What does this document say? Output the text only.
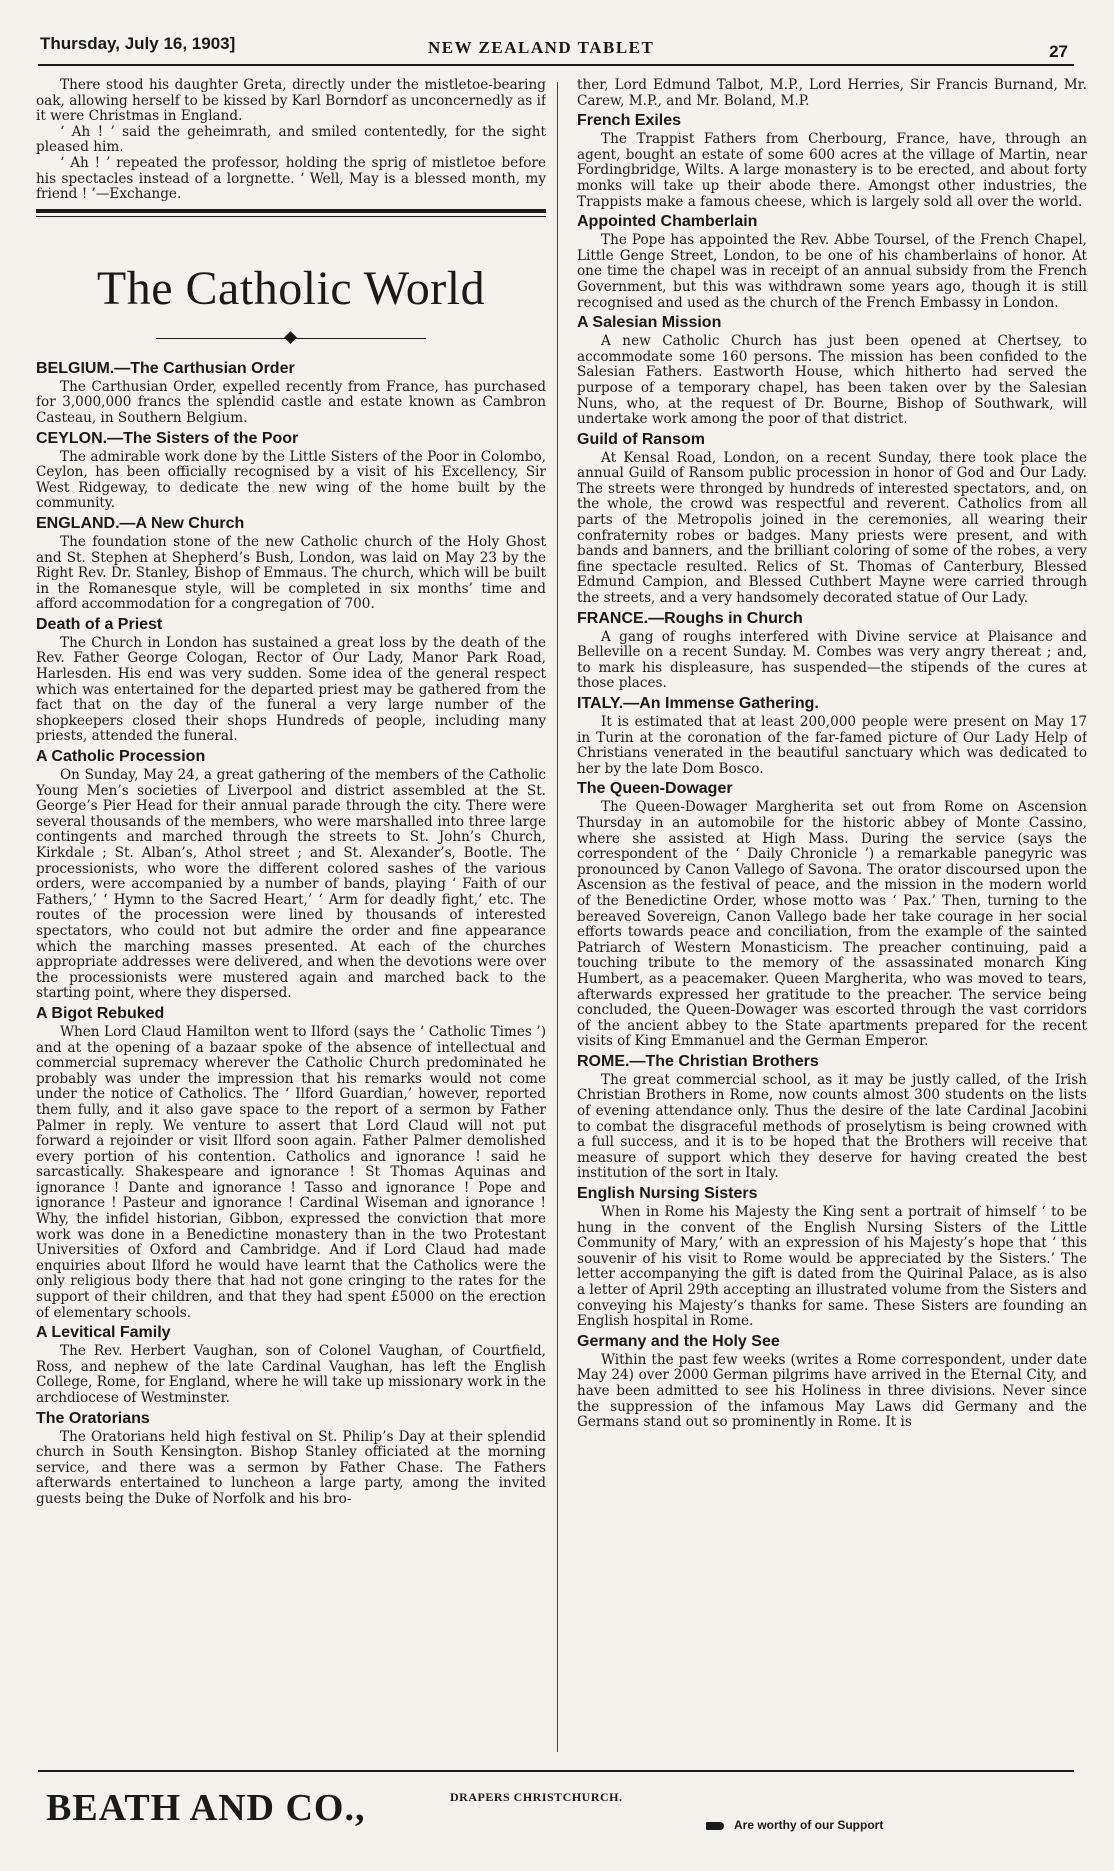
Thursday, July 16, 1903]	NEW ZEALAND TABLET	27

There stood his daughter Greta, directly under the mistletoe-bearing oak, allowing herself to be kissed by Karl Borndorf as unconcernedly as if it were Christmas in England.

‘ Ah ! ’ said the geheimrath, and smiled contentedly, for the sight pleased him.

‘ Ah ! ’ repeated the professor, holding the sprig of mistletoe before his spectacles instead of a lorgnette. ‘ Well, May is a blessed month, my friend ! ’—Exchange.

The Catholic World
BELGIUM.—The Carthusian Order

The Carthusian Order, expelled recently from France, has purchased for 3,000,000 francs the splendid castle and estate known as Cambron Casteau, in Southern Belgium.

CEYLON.—The Sisters of the Poor

The admirable work done by the Little Sisters of the Poor in Colombo, Ceylon, has been officially recognised by a visit of his Excellency, Sir West Ridgeway, to dedicate the new wing of the home built by the community.

ENGLAND.—A New Church

The foundation stone of the new Catholic church of the Holy Ghost and St. Stephen at Shepherd’s Bush, London, was laid on May 23 by the Right Rev. Dr. Stanley, Bishop of Emmaus. The church, which will be built in the Romanesque style, will be completed in six months’ time and afford accommodation for a congregation of 700.

Death of a Priest

The Church in London has sustained a great loss by the death of the Rev. Father George Cologan, Rector of Our Lady, Manor Park Road, Harlesden. His end was very sudden. Some idea of the general respect which was entertained for the departed priest may be gathered from the fact that on the day of the funeral a very large number of the shopkeepers closed their shops Hundreds of people, including many priests, attended the funeral.

A Catholic Procession

On Sunday, May 24, a great gathering of the members of the Catholic Young Men’s societies of Liverpool and district assembled at the St. George’s Pier Head for their annual parade through the city. There were several thousands of the members, who were marshalled into three large contingents and marched through the streets to St. John’s Church, Kirkdale ; St. Alban’s, Athol street ; and St. Alexander’s, Bootle. The processionists, who wore the different colored sashes of the various orders, were accompanied by a number of bands, playing ‘ Faith of our Fathers,’ ‘ Hymn to the Sacred Heart,’ ‘ Arm for deadly fight,’ etc. The routes of the procession were lined by thousands of interested spectators, who could not but admire the order and fine appearance which the marching masses presented. At each of the churches appropriate addresses were delivered, and when the devotions were over the processionists were mustered again and marched back to the starting point, where they dispersed.

A Bigot Rebuked

When Lord Claud Hamilton went to Ilford (says the ‘ Catholic Times ’) and at the opening of a bazaar spoke of the absence of intellectual and commercial supremacy wherever the Catholic Church predominated he probably was under the impression that his remarks would not come under the notice of Catholics. The ‘ Ilford Guardian,’ however, reported them fully, and it also gave space to the report of a sermon by Father Palmer in reply. We venture to assert that Lord Claud will not put forward a rejoinder or visit Ilford soon again. Father Palmer demolished every portion of his contention. Catholics and ignorance ! said he sarcastically. Shakespeare and ignorance ! St Thomas Aquinas and ignorance ! Dante and ignorance ! Tasso and ignorance ! Pope and ignorance ! Pasteur and ignorance ! Cardinal Wiseman and ignorance ! Why, the infidel historian, Gibbon, expressed the conviction that more work was done in a Benedictine monastery than in the two Protestant Universities of Oxford and Cambridge. And if Lord Claud had made enquiries about Ilford he would have learnt that the Catholics were the only religious body there that had not gone cringing to the rates for the support of their children, and that they had spent £5000 on the erection of elementary schools.

A Levitical Family

The Rev. Herbert Vaughan, son of Colonel Vaughan, of Courtfield, Ross, and nephew of the late Cardinal Vaughan, has left the English College, Rome, for England, where he will take up missionary work in the archdiocese of Westminster.

The Oratorians

The Oratorians held high festival on St. Philip’s Day at their splendid church in South Kensington. Bishop Stanley officiated at the morning service, and there was a sermon by Father Chase. The Fathers afterwards entertained to luncheon a large party, among the invited guests being the Duke of Norfolk and his bro-

ther, Lord Edmund Talbot, M.P., Lord Herries, Sir Francis Burnand, Mr. Carew, M.P., and Mr. Boland, M.P.

French Exiles

The Trappist Fathers from Cherbourg, France, have, through an agent, bought an estate of some 600 acres at the village of Martin, near Fordingbridge, Wilts. A large monastery is to be erected, and about forty monks will take up their abode there. Amongst other industries, the Trappists make a famous cheese, which is largely sold all over the world.

Appointed Chamberlain

The Pope has appointed the Rev. Abbe Toursel, of the French Chapel, Little Genge Street, London, to be one of his chamberlains of honor. At one time the chapel was in receipt of an annual subsidy from the French Government, but this was withdrawn some years ago, though it is still recognised and used as the church of the French Embassy in London.

A Salesian Mission

A new Catholic Church has just been opened at Chertsey, to accommodate some 160 persons. The mission has been confided to the Salesian Fathers. Eastworth House, which hitherto had served the purpose of a temporary chapel, has been taken over by the Salesian Nuns, who, at the request of Dr. Bourne, Bishop of Southwark, will undertake work among the poor of that district.

Guild of Ransom

At Kensal Road, London, on a recent Sunday, there took place the annual Guild of Ransom public procession in honor of God and Our Lady. The streets were thronged by hundreds of interested spectators, and, on the whole, the crowd was respectful and reverent. Catholics from all parts of the Metropolis joined in the ceremonies, all wearing their confraternity robes or badges. Many priests were present, and with bands and banners, and the brilliant coloring of some of the robes, a very fine spectacle resulted. Relics of St. Thomas of Canterbury, Blessed Edmund Campion, and Blessed Cuthbert Mayne were carried through the streets, and a very handsomely decorated statue of Our Lady.

FRANCE.—Roughs in Church

A gang of roughs interfered with Divine service at Plaisance and Belleville on a recent Sunday. M. Combes was very angry thereat ; and, to mark his displeasure, has suspended—the stipends of the cures at those places.

ITALY.—An Immense Gathering.

It is estimated that at least 200,000 people were present on May 17 in Turin at the coronation of the far-famed picture of Our Lady Help of Christians venerated in the beautiful sanctuary which was dedicated to her by the late Dom Bosco.

The Queen-Dowager

The Queen-Dowager Margherita set out from Rome on Ascension Thursday in an automobile for the historic abbey of Monte Cassino, where she assisted at High Mass. During the service (says the correspondent of the ‘ Daily Chronicle ’) a remarkable panegyric was pronounced by Canon Vallego of Savona. The orator discoursed upon the Ascension as the festival of peace, and the mission in the modern world of the Benedictine Order, whose motto was ‘ Pax.’ Then, turning to the bereaved Sovereign, Canon Vallego bade her take courage in her social efforts towards peace and conciliation, from the example of the sainted Patriarch of Western Monasticism. The preacher continuing, paid a touching tribute to the memory of the assassinated monarch King Humbert, as a peacemaker. Queen Margherita, who was moved to tears, afterwards expressed her gratitude to the preacher. The service being concluded, the Queen-Dowager was escorted through the vast corridors of the ancient abbey to the State apartments prepared for the recent visits of King Emmanuel and the German Emperor.

ROME.—The Christian Brothers

The great commercial school, as it may be justly called, of the Irish Christian Brothers in Rome, now counts almost 300 students on the lists of evening attendance only. Thus the desire of the late Cardinal Jacobini to combat the disgraceful methods of proselytism is being crowned with a full success, and it is to be hoped that the Brothers will receive that measure of support which they deserve for having created the best institution of the sort in Italy.

English Nursing Sisters

When in Rome his Majesty the King sent a portrait of himself ‘ to be hung in the convent of the English Nursing Sisters of the Little Community of Mary,’ with an expression of his Majesty’s hope that ‘ this souvenir of his visit to Rome would be appreciated by the Sisters.’ The letter accompanying the gift is dated from the Quirinal Palace, as is also a letter of April 29th accepting an illustrated volume from the Sisters and conveying his Majesty’s thanks for same. These Sisters are founding an English hospital in Rome.

Germany and the Holy See

Within the past few weeks (writes a Rome correspondent, under date May 24) over 2000 German pilgrims have arrived in the Eternal City, and have been admitted to see his Holiness in three divisions. Never since the suppression of the infamous May Laws did Germany and the Germans stand out so prominently in Rome. It is

BEATH AND CO.,	DRAPERS CHRISTCHURCH.
Are worthy of our Support
